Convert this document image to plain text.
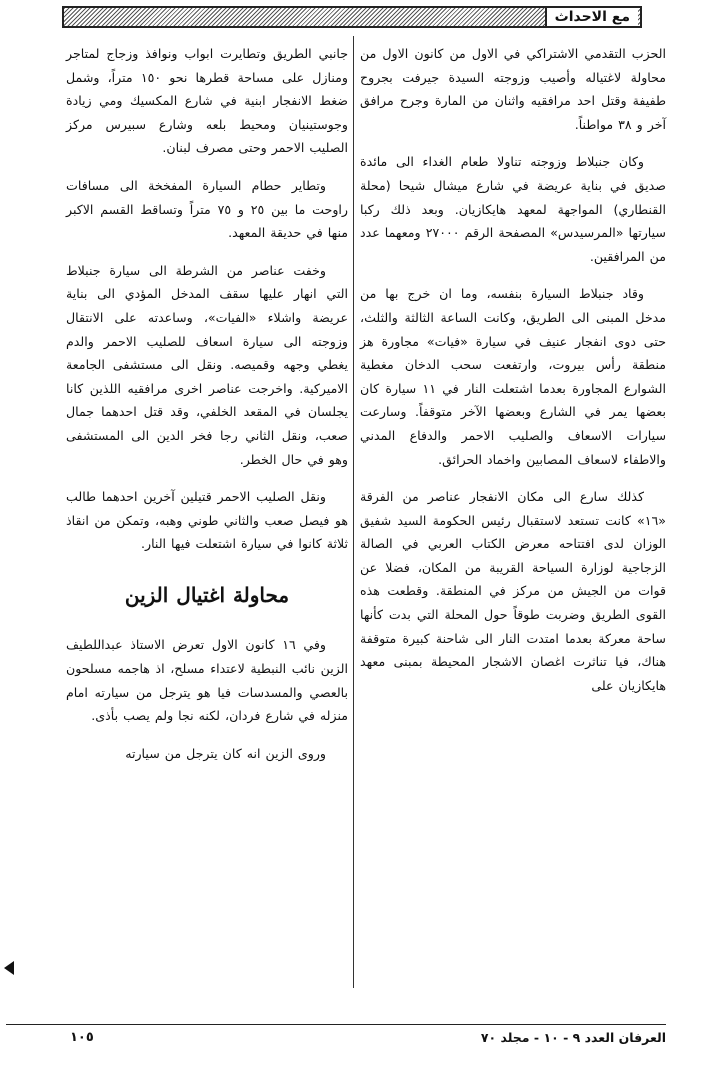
مع الاحداث

الحزب التقدمي الاشتراكي في الاول من كانون الاول من محاولة لاغتياله وأصيب وزوجته السيدة جيرفت بجروح طفيفة وقتل احد مرافقيه واثنان من المارة وجرح مرافق آخر و ٣٨ مواطناً.

وكان جنبلاط وزوجته تناولا طعام الغداء الى مائدة صديق في بناية عريضة في شارع ميشال شيحا (محلة القنطاري) المواجهة لمعهد هايكازيان. وبعد ذلك ركبا سيارتها «المرسيدس» المصفحة الرقم ٢٧٠٠٠ ومعهما عدد من المرافقين.

وقاد جنبلاط السيارة بنفسه، وما ان خرج بها من مدخل المبنى الى الطريق، وكانت الساعة الثالثة والثلث، حتى دوى انفجار عنيف في سيارة «فيات» مجاورة هز منطقة رأس بيروت، وارتفعت سحب الدخان مغطية الشوارع المجاورة بعدما اشتعلت النار في ١١ سيارة كان بعضها يمر في الشارع وبعضها الآخر متوقفاً. وسارعت سيارات الاسعاف والصليب الاحمر والدفاع المدني والاطفاء لاسعاف المصابين واخماد الحرائق.

كذلك سارع الى مكان الانفجار عناصر من الفرقة «١٦» كانت تستعد لاستقبال رئيس الحكومة السيد شفيق الوزان لدى افتتاحه معرض الكتاب العربي في الصالة الزجاجية لوزارة السياحة القريبة من المكان، فضلا عن قوات من الجيش من مركز في المنطقة. وقطعت هذه القوى الطريق وضربت طوقاً حول المحلة التي بدت كأنها ساحة معركة بعدما امتدت النار الى شاحنة كبيرة متوقفة هناك، فيا تناثرت اغصان الاشجار المحيطة بمبنى معهد هايكازيان على

جانبي الطريق وتطايرت ابواب ونوافذ وزجاج لمتاجر ومنازل على مساحة قطرها نحو ١٥٠ متراً، وشمل ضغط الانفجار ابنية في شارع المكسيك ومي زيادة وجوستينيان ومحيط بلعه وشارع سبيرس مركز الصليب الاحمر وحتى مصرف لبنان.

وتطاير حطام السيارة المفخخة الى مسافات راوحت ما بين ٢٥ و ٧٥ متراً وتساقط القسم الاكبر منها في حديقة المعهد.

وخفت عناصر من الشرطة الى سيارة جنبلاط التي انهار عليها سقف المدخل المؤدي الى بناية عريضة واشلاء «الفيات»، وساعدته على الانتقال وزوجته الى سيارة اسعاف للصليب الاحمر والدم يغطي وجهه وقميصه. ونقل الى مستشفى الجامعة الاميركية. واخرجت عناصر اخرى مرافقيه اللذين كانا يجلسان في المقعد الخلفي، وقد قتل احدهما جمال صعب، ونقل الثاني رجا فخر الدين الى المستشفى وهو في حال الخطر.

ونقل الصليب الاحمر قتيلين آخرين احدهما طالب هو فيصل صعب والثاني طوني وهبه، وتمكن من انقاذ ثلاثة كانوا في سيارة اشتعلت فيها النار.

محاولة اغتيال الزين

وفي ١٦ كانون الاول تعرض الاستاذ عبداللطيف الزين نائب النبطية لاعتداء مسلح، اذ هاجمه مسلحون بالعصي والمسدسات فيا هو يترجل من سيارته امام منزله في شارع فردان، لكنه نجا ولم يصب بأذى.

وروى الزين انه كان يترجل من سيارته

العرفان العدد ٩ - ١٠ - مجلد ٧٠
١٠٥
